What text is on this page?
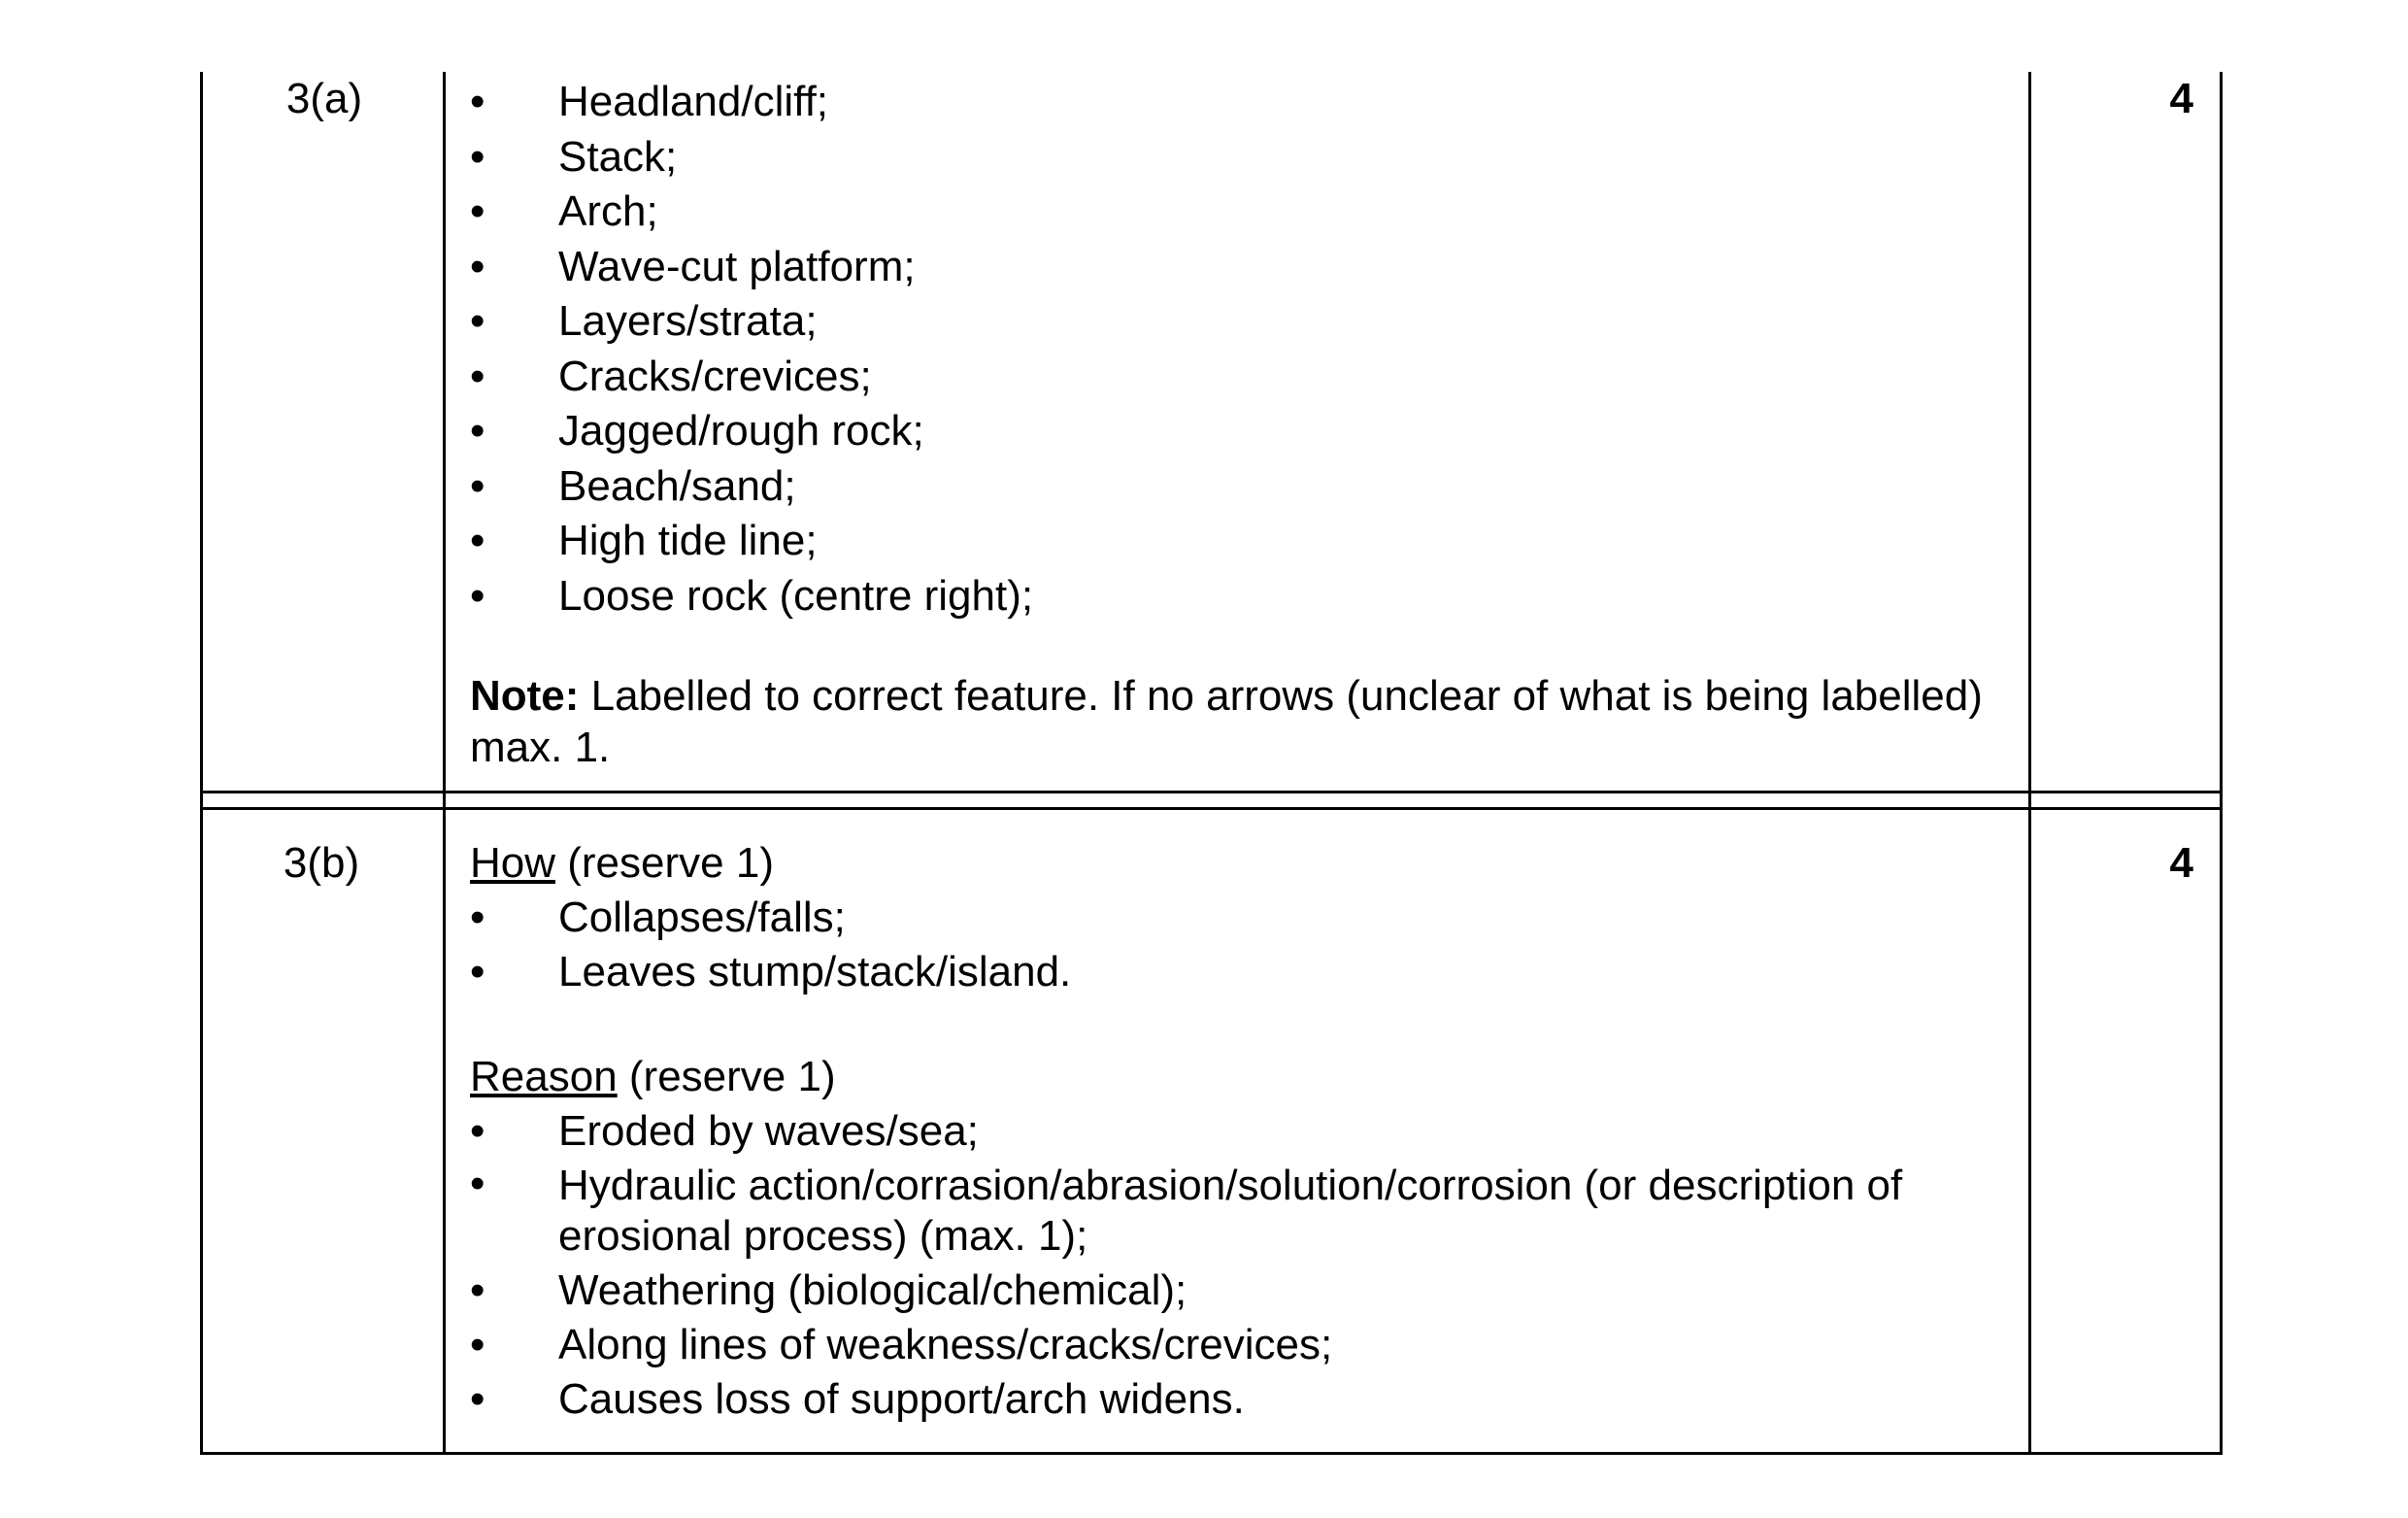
3(a)	4
• Headland/cliff;
• Stack;
• Arch;
• Wave-cut platform;
• Layers/strata;
• Cracks/crevices;
• Jagged/rough rock;
• Beach/sand;
• High tide line;
• Loose rock (centre right);
Note: Labelled to correct feature. If no arrows (unclear of what is being labelled) max. 1.
3(b)	4
How (reserve 1)
• Collapses/falls;
• Leaves stump/stack/island.
Reason (reserve 1)
• Eroded by waves/sea;
• Hydraulic action/corrasion/abrasion/solution/corrosion (or description of erosional process) (max. 1);
• Weathering (biological/chemical);
• Along lines of weakness/cracks/crevices;
• Causes loss of support/arch widens.
